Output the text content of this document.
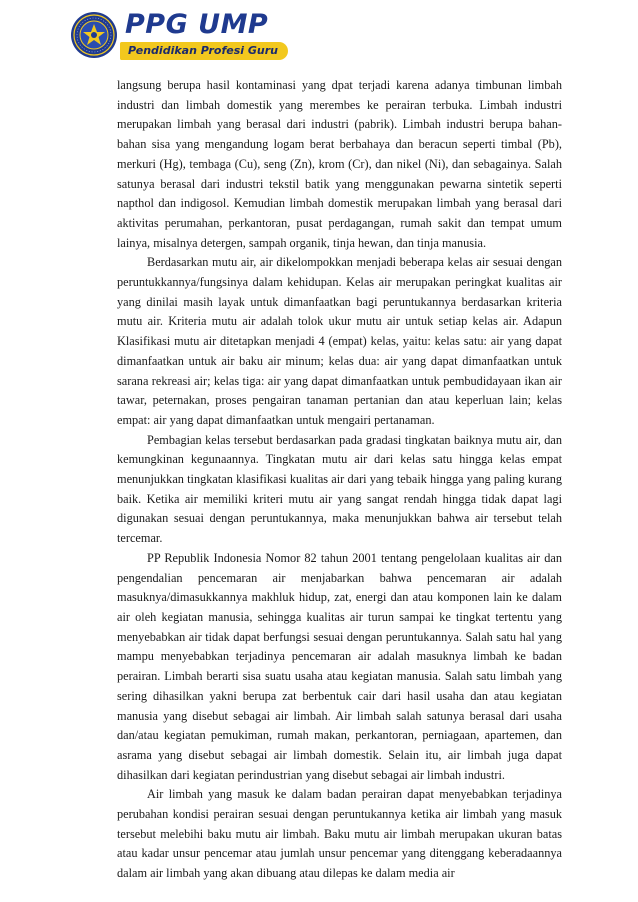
PPG UMP
Pendidikan Profesi Guru

langsung berupa hasil kontaminasi yang dpat terjadi karena adanya timbunan limbah industri dan limbah domestik yang merembes ke perairan terbuka. Limbah industri merupakan limbah yang berasal dari industri (pabrik). Limbah industri berupa bahan-bahan sisa yang mengandung logam berat berbahaya dan beracun seperti timbal (Pb), merkuri (Hg), tembaga (Cu), seng (Zn), krom (Cr), dan nikel (Ni), dan sebagainya. Salah satunya berasal dari industri tekstil batik yang menggunakan pewarna sintetik seperti napthol dan indigosol. Kemudian limbah domestik merupakan limbah yang berasal dari aktivitas perumahan, perkantoran, pusat perdagangan, rumah sakit dan tempat umum lainya, misalnya detergen, sampah organik, tinja hewan, dan tinja manusia.

Berdasarkan mutu air, air dikelompokkan menjadi beberapa kelas air sesuai dengan peruntukkannya/fungsinya dalam kehidupan. Kelas air merupakan peringkat kualitas air yang dinilai masih layak untuk dimanfaatkan bagi peruntukannya berdasarkan kriteria mutu air. Kriteria mutu air adalah tolok ukur mutu air untuk setiap kelas air. Adapun Klasifikasi mutu air ditetapkan menjadi 4 (empat) kelas, yaitu: kelas satu: air yang dapat dimanfaatkan untuk air baku air minum; kelas dua: air yang dapat dimanfaatkan untuk sarana rekreasi air; kelas tiga: air yang dapat dimanfaatkan untuk pembudidayaan ikan air tawar, peternakan, proses pengairan tanaman pertanian dan atau keperluan lain; kelas empat: air yang dapat dimanfaatkan untuk mengairi pertanaman.

Pembagian kelas tersebut berdasarkan pada gradasi tingkatan baiknya mutu air, dan kemungkinan kegunaannya. Tingkatan mutu air dari kelas satu hingga kelas empat menunjukkan tingkatan klasifikasi kualitas air dari yang tebaik hingga yang paling kurang baik. Ketika air memiliki kriteri mutu air yang sangat rendah hingga tidak dapat lagi digunakan sesuai dengan peruntukannya, maka menunjukkan bahwa air tersebut telah tercemar.

PP Republik Indonesia Nomor 82 tahun 2001 tentang pengelolaan kualitas air dan pengendalian pencemaran air menjabarkan bahwa pencemaran air adalah masuknya/dimasukkannya makhluk hidup, zat, energi dan atau komponen lain ke dalam air oleh kegiatan manusia, sehingga kualitas air turun sampai ke tingkat tertentu yang menyebabkan air tidak dapat berfungsi sesuai dengan peruntukannya. Salah satu hal yang mampu menyebabkan terjadinya pencemaran air adalah masuknya limbah ke badan perairan. Limbah berarti sisa suatu usaha atau kegiatan manusia. Salah satu limbah yang sering dihasilkan yakni berupa zat berbentuk cair dari hasil usaha dan atau kegiatan manusia yang disebut sebagai air limbah. Air limbah salah satunya berasal dari usaha dan/atau kegiatan pemukiman, rumah makan, perkantoran, perniagaan, apartemen, dan asrama yang disebut sebagai air limbah domestik. Selain itu, air limbah juga dapat dihasilkan dari kegiatan perindustrian yang disebut sebagai air limbah industri.

Air limbah yang masuk ke dalam badan perairan dapat menyebabkan terjadinya perubahan kondisi perairan sesuai dengan peruntukannya ketika air limbah yang masuk tersebut melebihi baku mutu air limbah. Baku mutu air limbah merupakan ukuran batas atau kadar unsur pencemar atau jumlah unsur pencemar yang ditenggang keberadaannya dalam air limbah yang akan dibuang atau dilepas ke dalam media air
